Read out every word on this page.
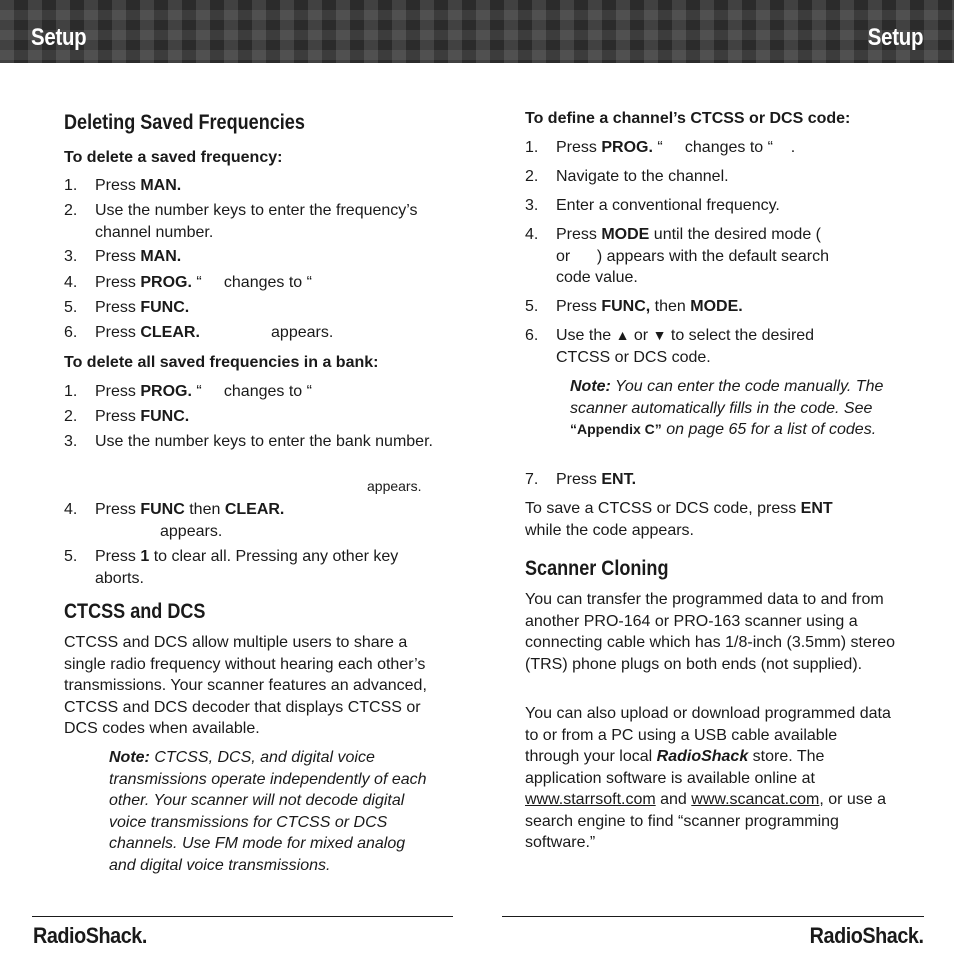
Setup	Setup
Deleting Saved Frequencies
To delete a saved frequency:
1.	Press MAN.
2.	Use the number keys to enter the frequency’s channel number.
3.	Press MAN.
4.	Press PROG. “     changes to “
5.	Press FUNC.
6.	Press CLEAR.                appears.
To delete all saved frequencies in a bank:
1.	Press PROG. “     changes to “
2.	Press FUNC.
3.	Use the number keys to enter the bank number.
appears.
4.	Press FUNC then CLEAR.
appears.
5.	Press 1 to clear all. Pressing any other key aborts.
CTCSS and DCS

CTCSS and DCS allow multiple users to share a single radio frequency without hearing each other’s transmissions. Your scanner features an advanced, CTCSS and DCS decoder that displays CTCSS or DCS codes when available.

Note: CTCSS, DCS, and digital voice transmissions operate independently of each other. Your scanner will not decode digital voice transmissions for CTCSS or DCS channels. Use FM mode for mixed analog and digital voice transmissions.
To define a channel’s CTCSS or DCS code:
1.	Press PROG. “     changes to “    .
2.	Navigate to the channel.
3.	Enter a conventional frequency.
4.	Press MODE until the desired mode (      or      ) appears with the default search code value.
5.	Press FUNC, then MODE.
6.	Use the ▲ or ▼ to select the desired CTCSS or DCS code.
Note: You can enter the code manually. The scanner automatically fills in the code. See “Appendix C” on page 65 for a list of codes.
7.	Press ENT.

To save a CTCSS or DCS code, press ENT while the code appears.

Scanner Cloning

You can transfer the programmed data to and from another PRO-164 or PRO-163 scanner using a connecting cable which has 1/8-inch (3.5mm) stereo (TRS) phone plugs on both ends (not supplied).

You can also upload or download programmed data to or from a PC using a USB cable available through your local RadioShack store. The application software is available online at www.starrsoft.com and www.scancat.com, or use a search engine to find “scanner programming software.”

RadioShack.	RadioShack.
